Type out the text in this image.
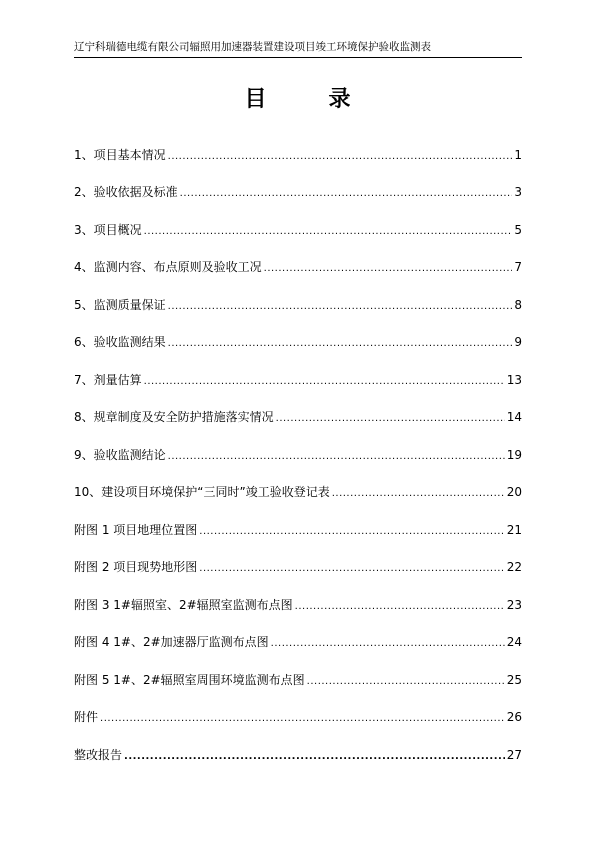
辽宁科瑞德电缆有限公司辐照用加速器装置建设项目竣工环境保护验收监测表
目　录
1、项目基本情况 .....	1
2、验收依据及标准 .....	3
3、项目概况 .....	5
4、监测内容、布点原则及验收工况 .....	7
5、监测质量保证 .....	8
6、验收监测结果 .....	9
7、剂量估算 .....	13
8、规章制度及安全防护措施落实情况 .....	14
9、验收监测结论 .....	19
10、建设项目环境保护“三同时”竣工验收登记表 .....	20
附图 1 项目地理位置图 .....	21
附图 2 项目现势地形图 .....	22
附图 3 1#辐照室、2#辐照室监测布点图 .....	23
附图 4 1#、2#加速器厅监测布点图 .....	24
附图 5 1#、2#辐照室周围环境监测布点图 .....	25
附件 .....	26
整改报告 .....	27
